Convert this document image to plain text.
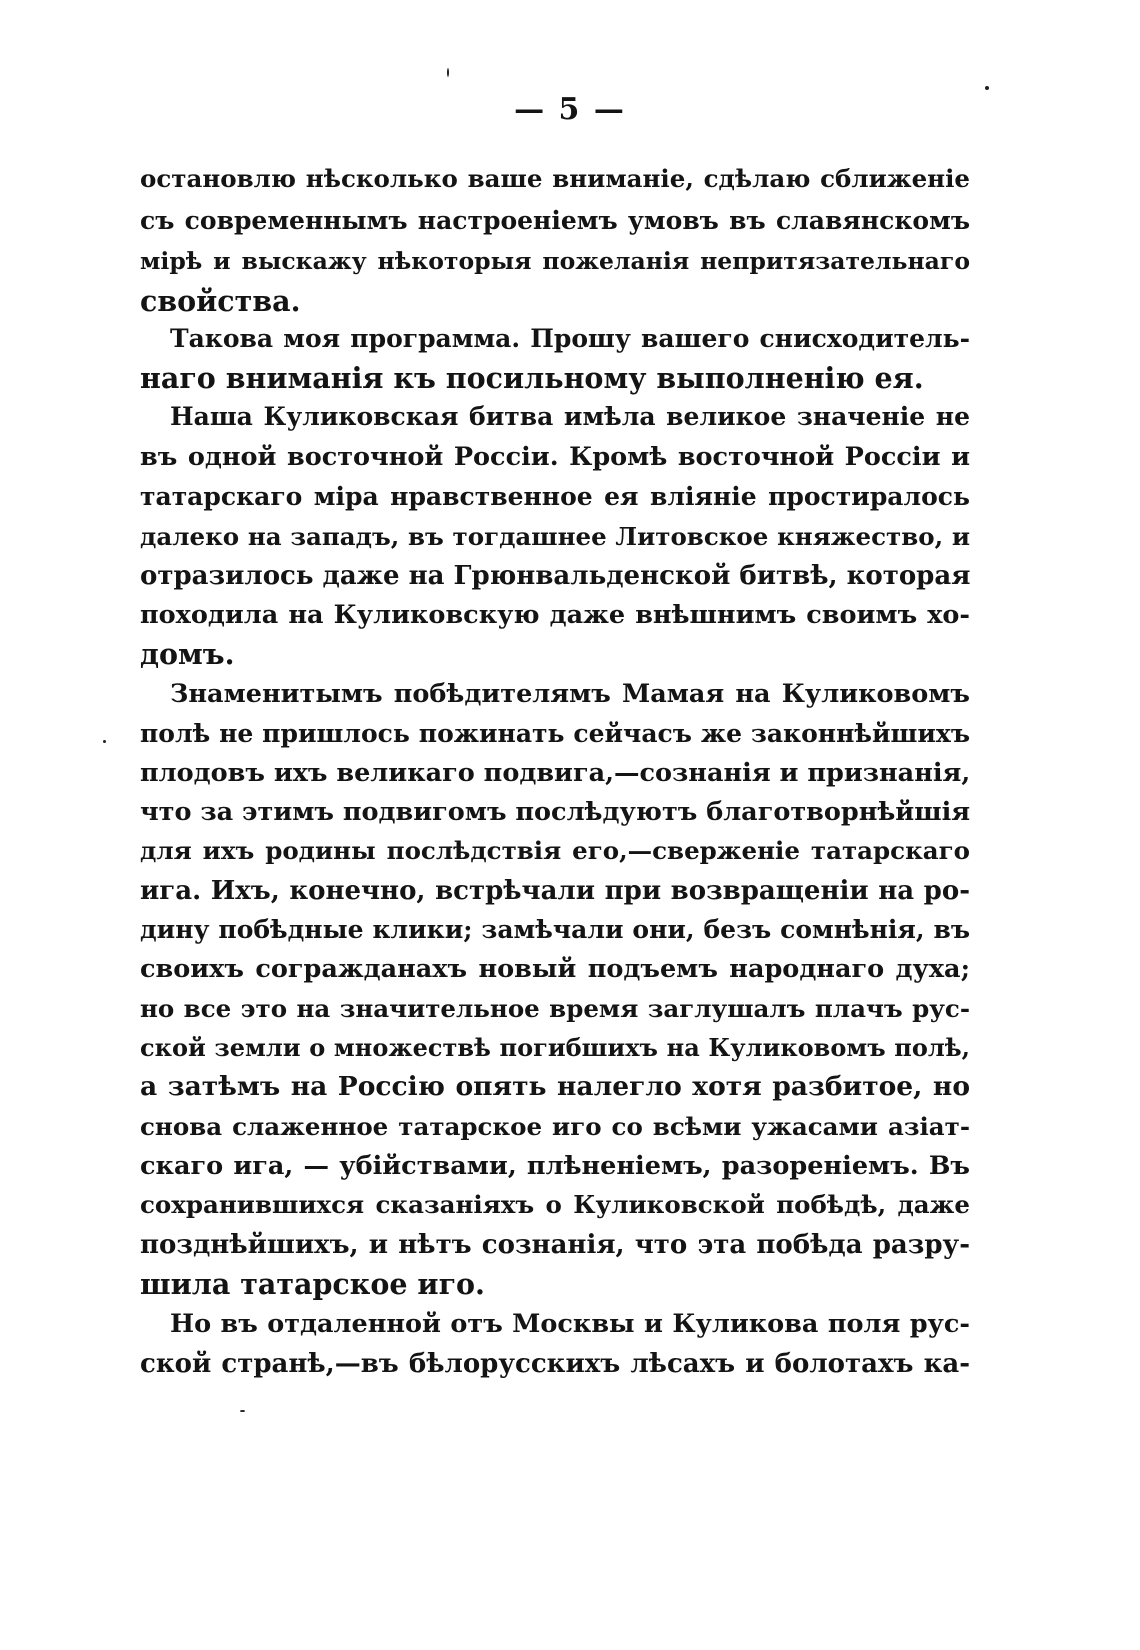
— 5 —
остановлю нѣсколько ваше вниманіе, сдѣлаю сближеніе
съ современнымъ настроеніемъ умовъ въ славянскомъ
мірѣ и выскажу нѣкоторыя пожеланія непритязательнаго
свойства.
Такова моя программа. Прошу вашего снисходитель-
наго вниманія къ посильному выполненію ея.
Наша Куликовская битва имѣла великое значеніе не
въ одной восточной Россіи. Кромѣ восточной Россіи и
татарскаго міра нравственное ея вліяніе простиралось
далеко на западъ, въ тогдашнее Литовское княжество, и
отразилось даже на Грюнвальденской битвѣ, которая
походила на Куликовскую даже внѣшнимъ своимъ хо-
домъ.
Знаменитымъ побѣдителямъ Мамая на Куликовомъ
полѣ не пришлось пожинать сейчасъ же законнѣйшихъ
плодовъ ихъ великаго подвига,—сознанія и признанія,
что за этимъ подвигомъ послѣдуютъ благотворнѣйшія
для ихъ родины послѣдствія его,—сверженіе татарскаго
ига. Ихъ, конечно, встрѣчали при возвращеніи на ро-
дину побѣдные клики; замѣчали они, безъ сомнѣнія, въ
своихъ согражданахъ новый подъемъ народнаго духа;
но все это на значительное время заглушалъ плачъ рус-
ской земли о множествѣ погибшихъ на Куликовомъ полѣ,
а затѣмъ на Россію опять налегло хотя разбитое, но
снова слаженное татарское иго со всѣми ужасами азіат-
скаго ига, — убійствами, плѣненіемъ, разореніемъ. Въ
сохранившихся сказаніяхъ о Куликовской побѣдѣ, даже
позднѣйшихъ, и нѣтъ сознанія, что эта побѣда разру-
шила татарское иго.
Но въ отдаленной отъ Москвы и Куликова поля рус-
ской странѣ,—въ бѣлорусскихъ лѣсахъ и болотахъ ка-
